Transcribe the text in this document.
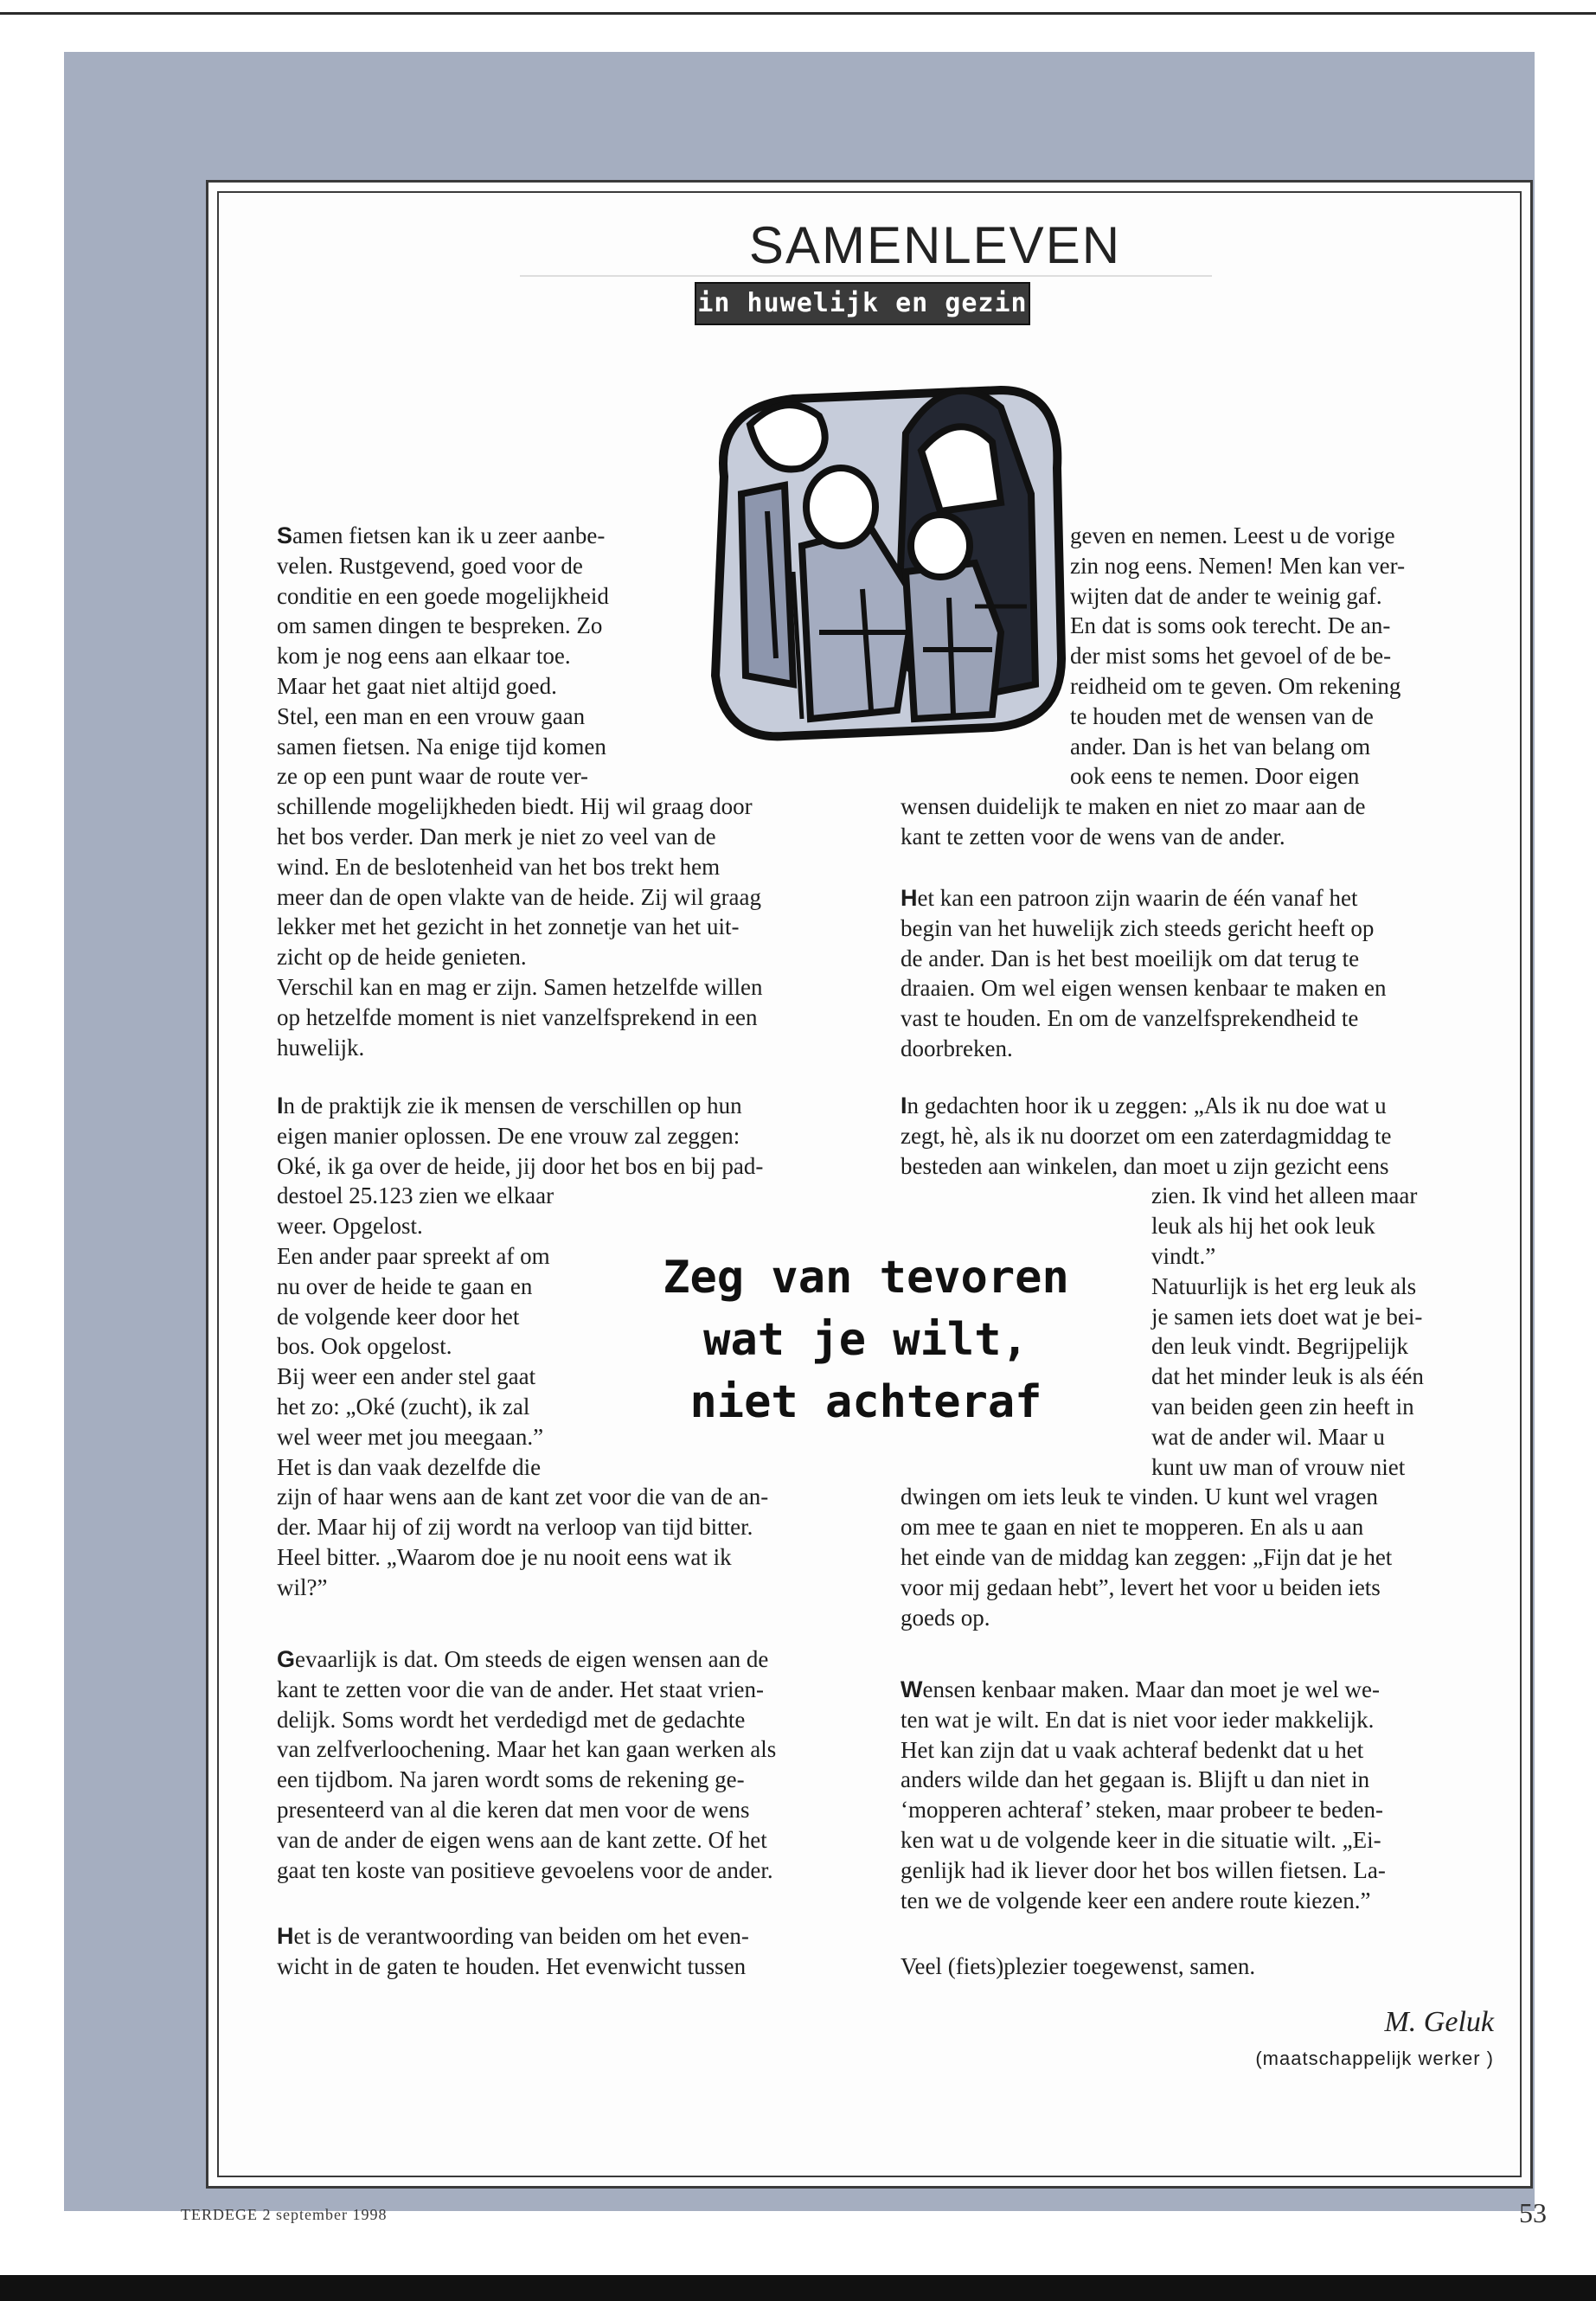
SAMENLEVEN
in huwelijk en gezin

Samen fietsen kan ik u zeer aanbe-
velen. Rustgevend, goed voor de
conditie en een goede mogelijkheid
om samen dingen te bespreken. Zo
kom je nog eens aan elkaar toe.
Maar het gaat niet altijd goed.
Stel, een man en een vrouw gaan
samen fietsen. Na enige tijd komen
ze op een punt waar de route ver-
schillende mogelijkheden biedt. Hij wil graag door
het bos verder. Dan merk je niet zo veel van de
wind. En de beslotenheid van het bos trekt hem
meer dan de open vlakte van de heide. Zij wil graag
lekker met het gezicht in het zonnetje van het uit-
zicht op de heide genieten.
Verschil kan en mag er zijn. Samen hetzelfde willen
op hetzelfde moment is niet vanzelfsprekend in een
huwelijk.

In de praktijk zie ik mensen de verschillen op hun
eigen manier oplossen. De ene vrouw zal zeggen:
Oké, ik ga over de heide, jij door het bos en bij pad-
destoel 25.123 zien we elkaar
weer. Opgelost.
Een ander paar spreekt af om
nu over de heide te gaan en
de volgende keer door het
bos. Ook opgelost.
Bij weer een ander stel gaat
het zo: „Oké (zucht), ik zal
wel weer met jou meegaan.”
Het is dan vaak dezelfde die
zijn of haar wens aan de kant zet voor die van de an-
der. Maar hij of zij wordt na verloop van tijd bitter.
Heel bitter. „Waarom doe je nu nooit eens wat ik
wil?”

Gevaarlijk is dat. Om steeds de eigen wensen aan de
kant te zetten voor die van de ander. Het staat vrien-
delijk. Soms wordt het verdedigd met de gedachte
van zelfverloochening. Maar het kan gaan werken als
een tijdbom. Na jaren wordt soms de rekening ge-
presenteerd van al die keren dat men voor de wens
van de ander de eigen wens aan de kant zette. Of het
gaat ten koste van positieve gevoelens voor de ander.

Het is de verantwoording van beiden om het even-
wicht in de gaten te houden. Het evenwicht tussen

Zeg van tevoren
wat je wilt,
niet achteraf

geven en nemen. Leest u de vorige
zin nog eens. Nemen! Men kan ver-
wijten dat de ander te weinig gaf.
En dat is soms ook terecht. De an-
der mist soms het gevoel of de be-
reidheid om te geven. Om rekening
te houden met de wensen van de
ander. Dan is het van belang om
ook eens te nemen. Door eigen
wensen duidelijk te maken en niet zo maar aan de
kant te zetten voor de wens van de ander.

Het kan een patroon zijn waarin de één vanaf het
begin van het huwelijk zich steeds gericht heeft op
de ander. Dan is het best moeilijk om dat terug te
draaien. Om wel eigen wensen kenbaar te maken en
vast te houden. En om de vanzelfsprekendheid te
doorbreken.

In gedachten hoor ik u zeggen: „Als ik nu doe wat u
zegt, hè, als ik nu doorzet om een zaterdagmiddag te
besteden aan winkelen, dan moet u zijn gezicht eens
zien. Ik vind het alleen maar
leuk als hij het ook leuk
vindt.”
Natuurlijk is het erg leuk als
je samen iets doet wat je bei-
den leuk vindt. Begrijpelijk
dat het minder leuk is als één
van beiden geen zin heeft in
wat de ander wil. Maar u
kunt uw man of vrouw niet
dwingen om iets leuk te vinden. U kunt wel vragen
om mee te gaan en niet te mopperen. En als u aan
het einde van de middag kan zeggen: „Fijn dat je het
voor mij gedaan hebt”, levert het voor u beiden iets
goeds op.

Wensen kenbaar maken. Maar dan moet je wel we-
ten wat je wilt. En dat is niet voor ieder makkelijk.
Het kan zijn dat u vaak achteraf bedenkt dat u het
anders wilde dan het gegaan is. Blijft u dan niet in
‘mopperen achteraf’ steken, maar probeer te beden-
ken wat u de volgende keer in die situatie wilt. „Ei-
genlijk had ik liever door het bos willen fietsen. La-
ten we de volgende keer een andere route kiezen.”

Veel (fiets)plezier toegewenst, samen.

M. Geluk
(maatschappelijk werker )
TERDEGE 2 september 1998	53
